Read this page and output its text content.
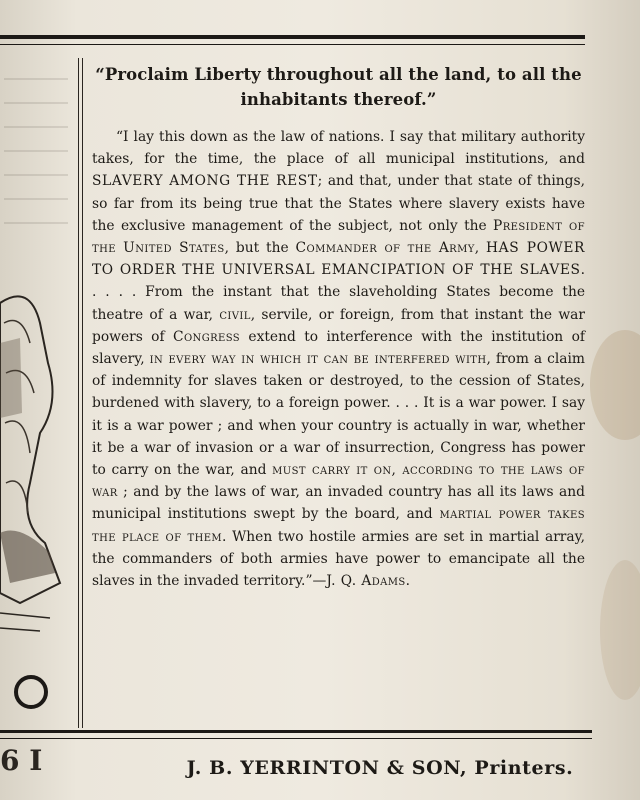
“Proclaim Liberty throughout all the land, to all the inhabitants thereof.”

“I lay this down as the law of nations. I say that military authority takes, for the time, the place of all municipal institutions, and SLAVERY AMONG THE REST; and that, under that state of things, so far from its being true that the States where slavery exists have the exclusive management of the subject, not only the President of the United States, but the Commander of the Army, HAS POWER TO ORDER THE UNIVERSAL EMANCIPATION OF THE SLAVES. . . . . From the instant that the slaveholding States become the theatre of a war, civil, servile, or foreign, from that instant the war powers of Congress extend to interference with the institution of slavery, in every way in which it can be interfered with, from a claim of indemnity for slaves taken or destroyed, to the cession of States, burdened with slavery, to a foreign power. . . . It is a war power. I say it is a war power ; and when your country is actually in war, whether it be a war of invasion or a war of insurrection, Congress has power to carry on the war, and must carry it on, according to the laws of war ; and by the laws of war, an invaded country has all its laws and municipal institutions swept by the board, and martial power takes the place of them. When two hostile armies are set in martial array, the commanders of both armies have power to emancipate all the slaves in the invaded territory.”—J. Q. Adams.

6 I	J. B. YERRINTON & SON, Printers.
